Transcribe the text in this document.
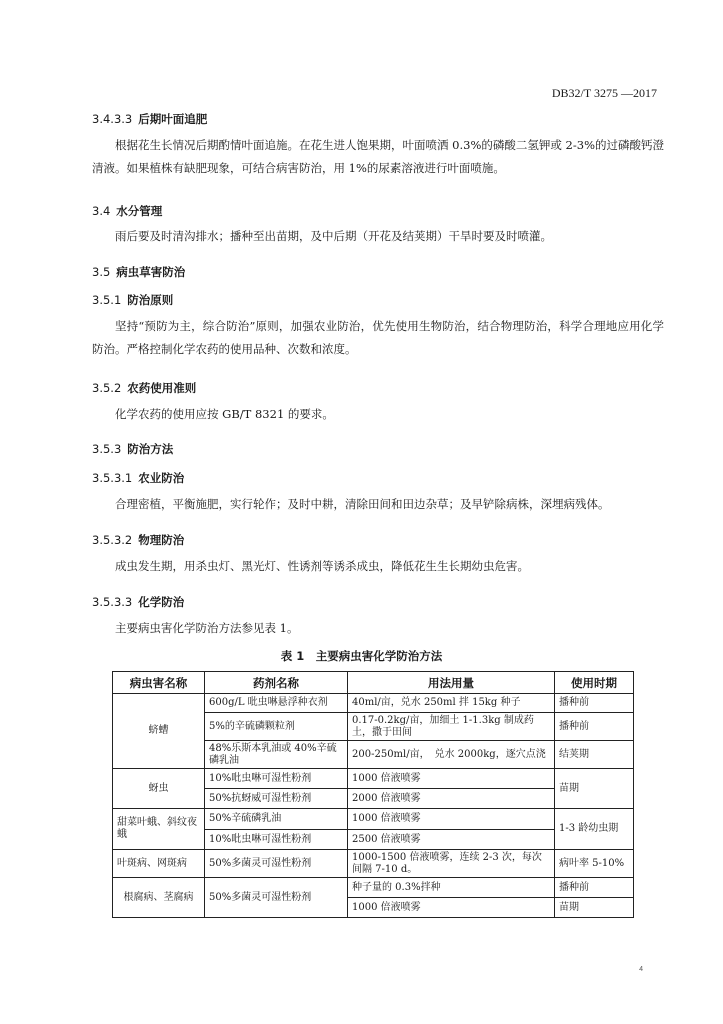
DB32/T 3275 —2017
3.4.3.3 后期叶面追肥
根据花生长情况后期酌情叶面追施。在花生进人饱果期，叶面喷洒 0.3%的磷酸二氢钾或 2-3%的过磷酸钙澄清液。如果植株有缺肥现象，可结合病害防治，用 1%的尿素溶液进行叶面喷施。
3.4 水分管理
雨后要及时清沟排水；播种至出苗期，及中后期（开花及结荚期）干旱时要及时喷灌。
3.5 病虫草害防治
3.5.1 防治原则
坚持“预防为主，综合防治”原则，加强农业防治，优先使用生物防治，结合物理防治，科学合理地应用化学防治。严格控制化学农药的使用品种、次数和浓度。
3.5.2 农药使用准则
化学农药的使用应按 GB/T 8321 的要求。
3.5.3 防治方法
3.5.3.1 农业防治
合理密植，平衡施肥，实行轮作；及时中耕，清除田间和田边杂草；及早铲除病株，深埋病残体。
3.5.3.2 物理防治
成虫发生期，用杀虫灯、黑光灯、性诱剂等诱杀成虫，降低花生生长期幼虫危害。
3.5.3.3 化学防治
主要病虫害化学防治方法参见表 1。
表 1　主要病虫害化学防治方法
病虫害名称	药剂名称	用法用量	使用时期
蛴螬	600g/L 吡虫啉悬浮种衣剂	40ml/亩，兑水 250ml 拌 15kg 种子	播种前
	5%的辛硫磷颗粒剂	0.17-0.2kg/亩，加细土 1-1.3kg 制成药土，撒于田间	播种前
	48%乐斯本乳油或 40%辛硫磷乳油	200-250ml/亩，　兑水 2000kg，逐穴点浇	结荚期
蚜虫	10%吡虫啉可湿性粉剂	1000 倍液喷雾	苗期
	50%抗蚜威可湿性粉剂	2000 倍液喷雾	
甜菜叶蛾、斜纹夜蛾	50%辛硫磷乳油	1000 倍液喷雾	1-3 龄幼虫期
	10%吡虫啉可湿性粉剂	2500 倍液喷雾	
叶斑病、网斑病	50%多菌灵可湿性粉剂	1000-1500 倍液喷雾，连续 2-3 次，每次间隔 7-10 d。	病叶率 5-10%
根腐病、茎腐病	50%多菌灵可湿性粉剂	种子量的 0.3%拌种	播种前
		1000 倍液喷雾	苗期
4
